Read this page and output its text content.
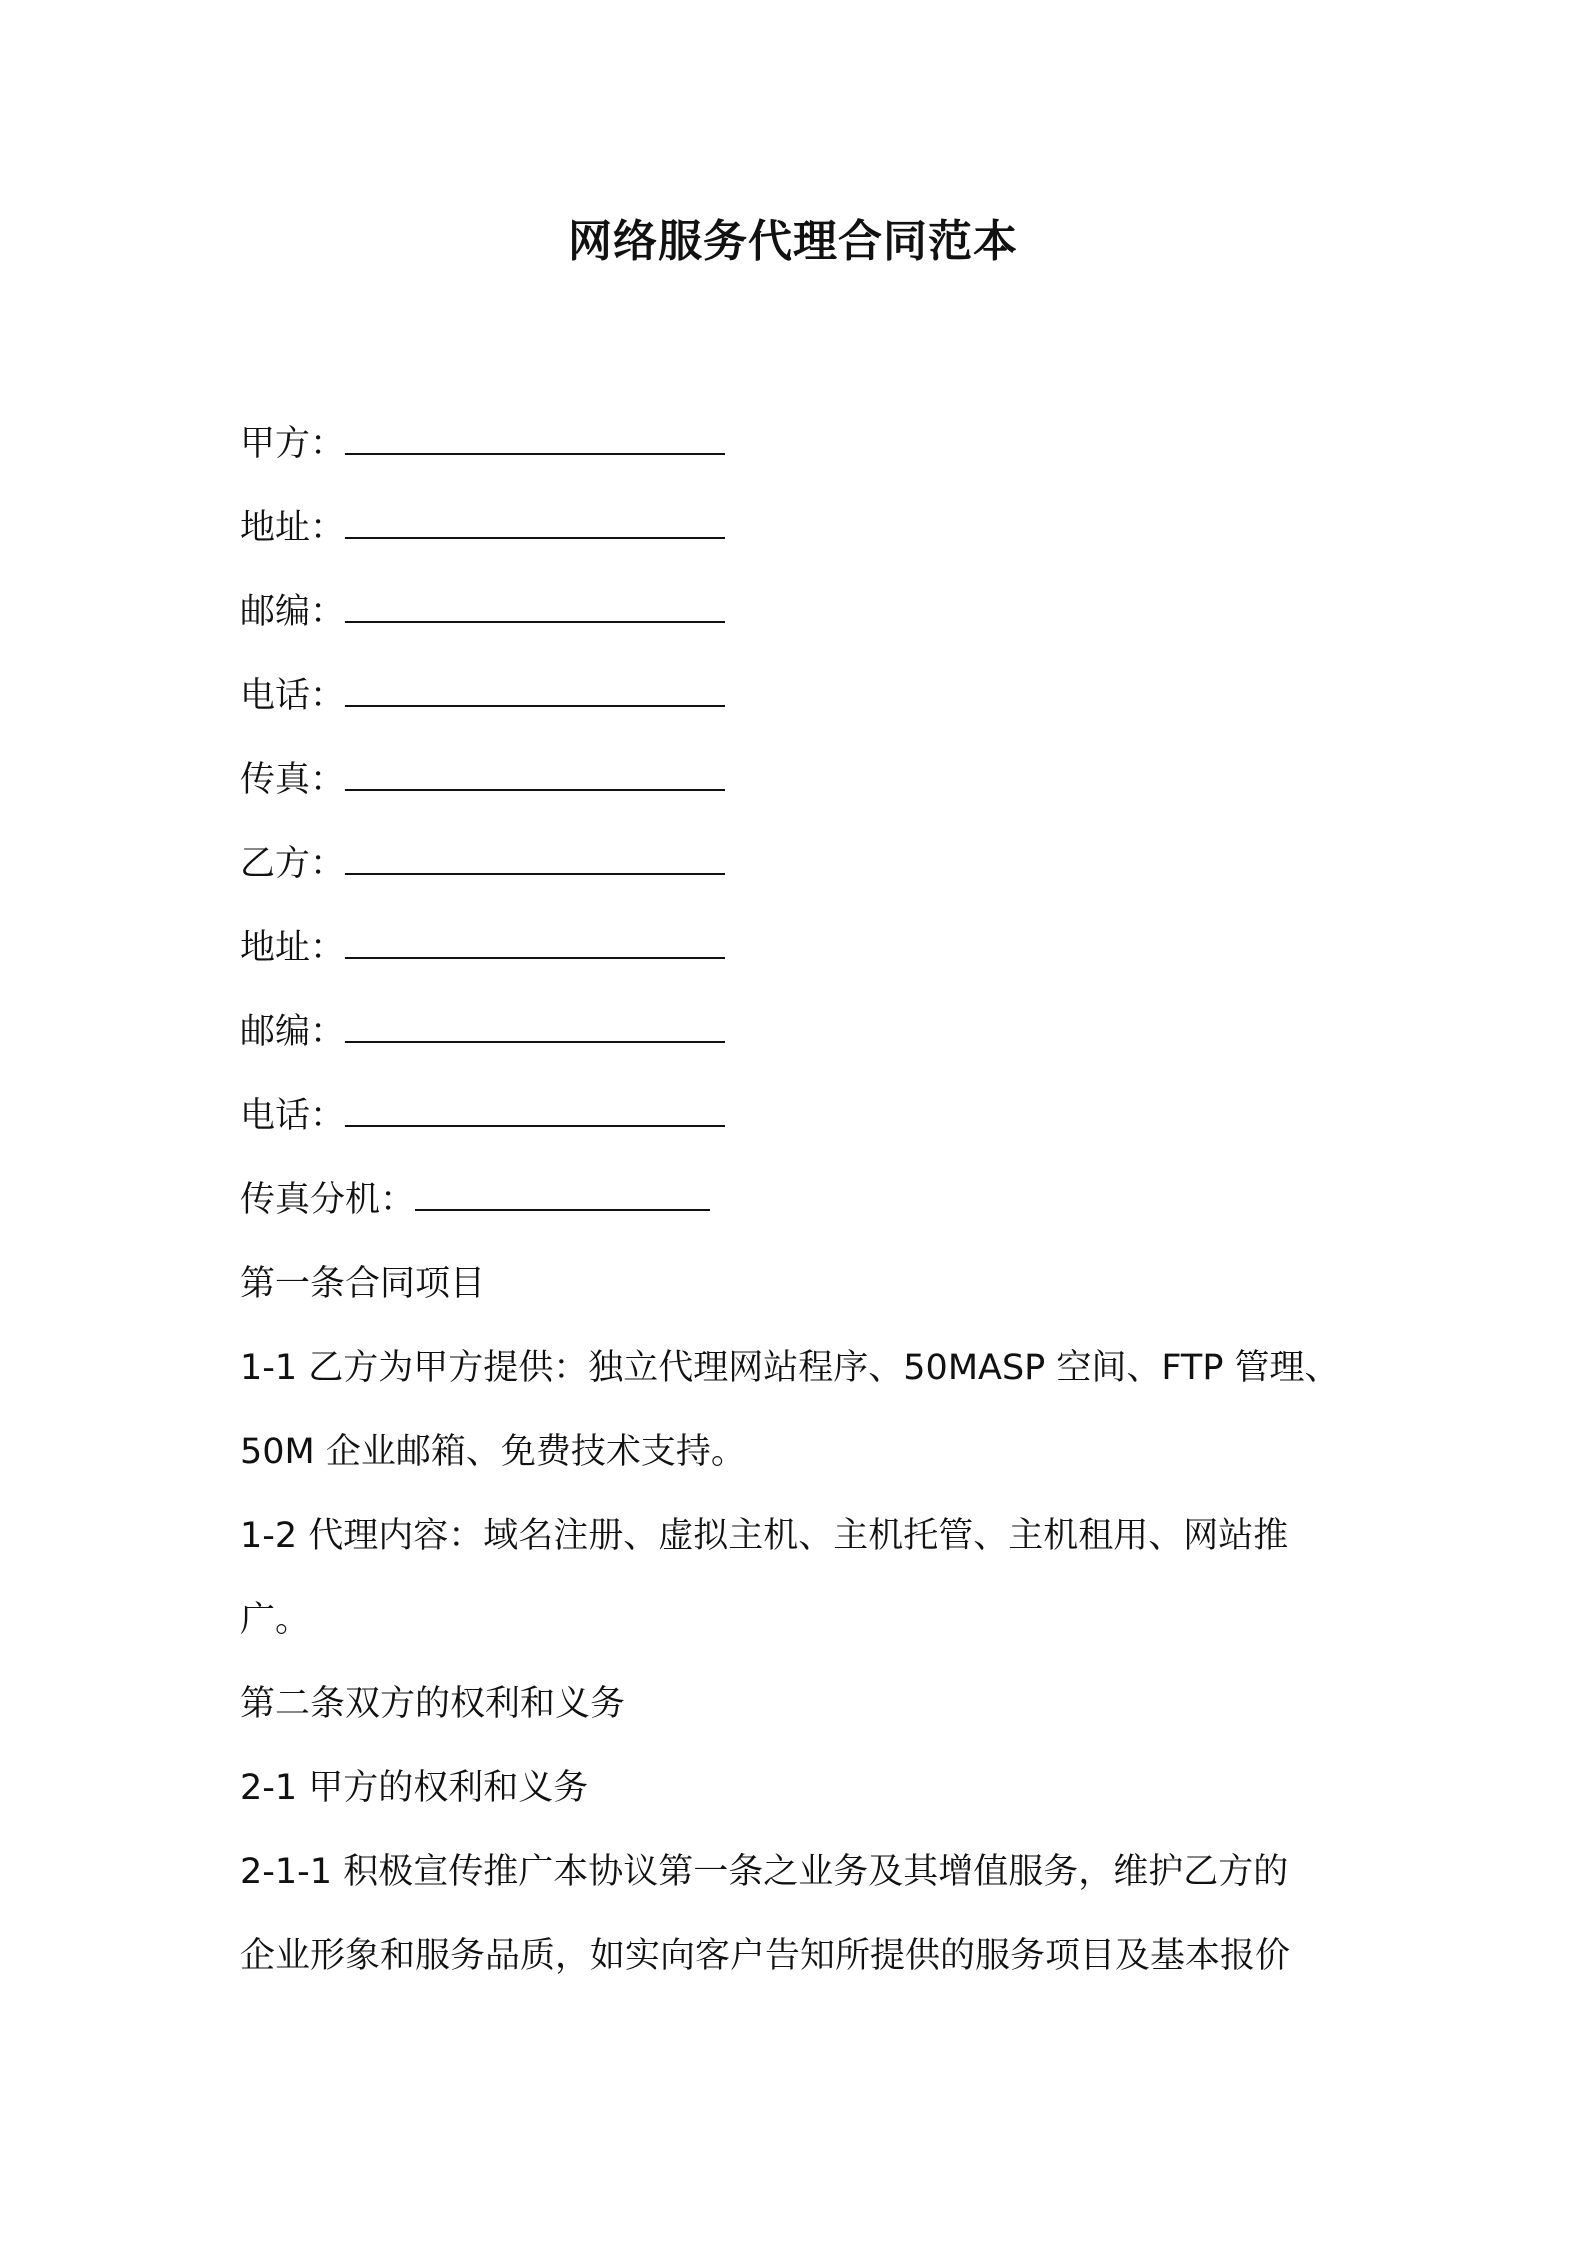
网络服务代理合同范本
甲方：
地址：
邮编：
电话：
传真：
乙方：
地址：
邮编：
电话：
传真分机：
第一条合同项目
1-1 乙方为甲方提供：独立代理网站程序、50MASP 空间、FTP 管理、
50M 企业邮箱、免费技术支持。
1-2 代理内容：域名注册、虚拟主机、主机托管、主机租用、网站推
广。
第二条双方的权利和义务
2-1 甲方的权利和义务
2-1-1 积极宣传推广本协议第一条之业务及其增值服务，维护乙方的
企业形象和服务品质，如实向客户告知所提供的服务项目及基本报价
